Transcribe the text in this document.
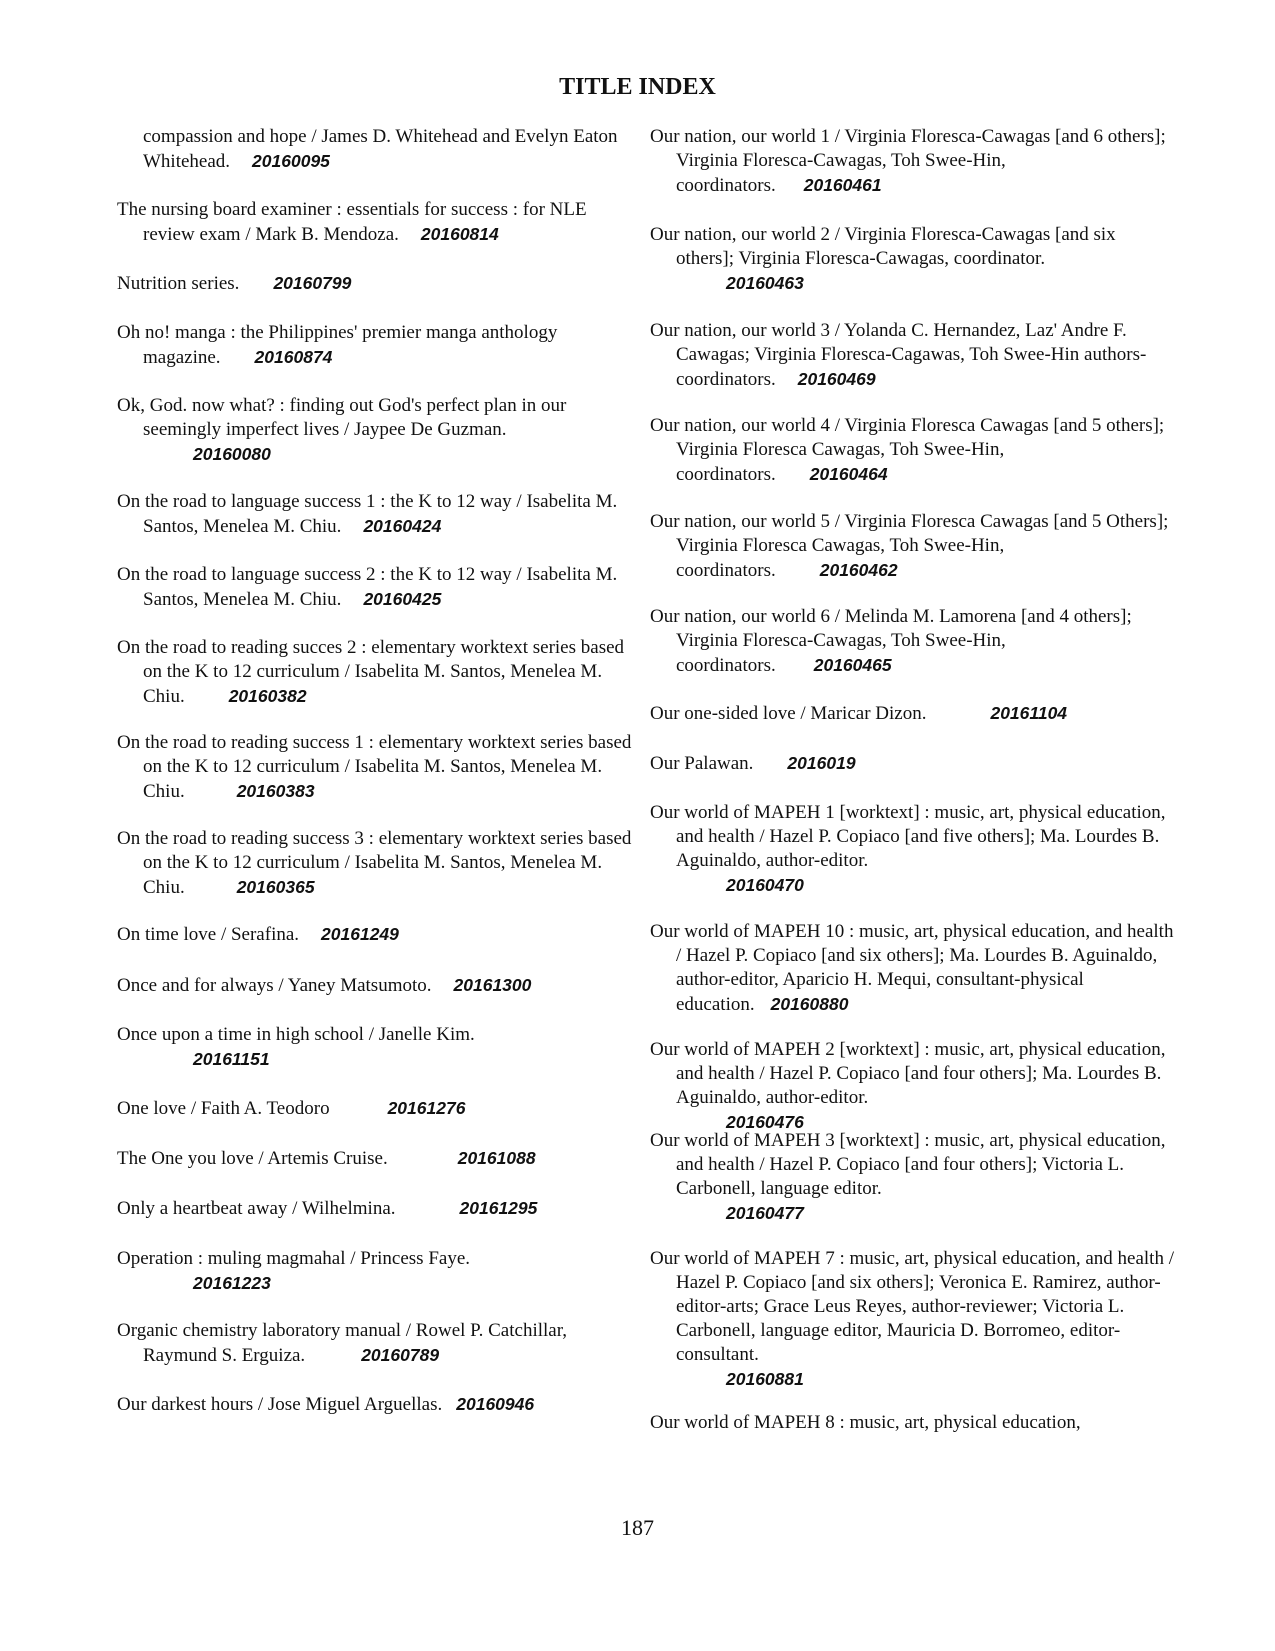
TITLE INDEX
compassion and hope / James D. Whitehead and Evelyn Eaton Whitehead. 20160095
The nursing board examiner : essentials for success : for NLE review exam / Mark B. Mendoza. 20160814
Nutrition series. 20160799
Oh no! manga : the Philippines' premier manga anthology magazine. 20160874
Ok, God. now what? : finding out God's perfect plan in our seemingly imperfect lives / Jaypee De Guzman.
20160080
On the road to language success 1 : the K to 12 way / Isabelita M. Santos, Menelea M. Chiu. 20160424
On the road to language success 2 : the K to 12 way / Isabelita M. Santos, Menelea M. Chiu. 20160425
On the road to reading succes 2 : elementary worktext series based on the K to 12 curriculum / Isabelita M. Santos, Menelea M. Chiu.	20160382
On the road to reading success 1 : elementary worktext series based on the K to 12 curriculum / Isabelita M. Santos, Menelea M. Chiu.	20160383
On the road to reading success 3 : elementary worktext series based on the K to 12 curriculum / Isabelita M. Santos, Menelea M. Chiu.	20160365
On time love / Serafina. 20161249
Once and for always / Yaney Matsumoto. 20161300
Once upon a time in high school / Janelle Kim.
20161151
One love / Faith A. Teodoro	20161276
The One you love / Artemis Cruise.	20161088
Only a heartbeat away / Wilhelmina.	20161295
Operation : muling magmahal / Princess Faye.
20161223
Organic chemistry laboratory manual / Rowel P. Catchillar, Raymund S. Erguiza.	20160789
Our darkest hours / Jose Miguel Arguellas. 20160946
Our nation, our world 1 / Virginia Floresca-Cawagas [and 6 others]; Virginia Floresca-Cawagas, Toh Swee-Hin, coordinators. 20160461
Our nation, our world 2 / Virginia Floresca-Cawagas [and six others]; Virginia Floresca-Cawagas, coordinator.
20160463
Our nation, our world 3 / Yolanda C. Hernandez, Laz' Andre F. Cawagas; Virginia Floresca-Cagawas, Toh Swee-Hin authors-coordinators. 20160469
Our nation, our world 4 / Virginia Floresca Cawagas [and 5 others]; Virginia Floresca Cawagas, Toh Swee-Hin, coordinators. 20160464
Our nation, our world 5 / Virginia Floresca Cawagas [and 5 Others]; Virginia Floresca Cawagas, Toh Swee-Hin, coordinators.	20160462
Our nation, our world 6 / Melinda M. Lamorena [and 4 others]; Virginia Floresca-Cawagas, Toh Swee-Hin, coordinators. 20160465
Our one-sided love / Maricar Dizon.	20161104
Our Palawan. 2016019
Our world of MAPEH 1 [worktext] : music, art, physical education, and health / Hazel P. Copiaco [and five others]; Ma. Lourdes B. Aguinaldo, author-editor.
20160470
Our world of MAPEH 10 : music, art, physical education, and health / Hazel P. Copiaco [and six others]; Ma. Lourdes B. Aguinaldo, author-editor, Aparicio H. Mequi, consultant-physical education. 20160880
Our world of MAPEH 2 [worktext] : music, art, physical education, and health / Hazel P. Copiaco [and four others]; Ma. Lourdes B. Aguinaldo, author-editor.
20160476
Our world of MAPEH 3 [worktext] : music, art, physical education, and health / Hazel P. Copiaco [and four others]; Victoria L. Carbonell, language editor.
20160477
Our world of MAPEH 7 : music, art, physical education, and health / Hazel P. Copiaco [and six others]; Veronica E. Ramirez, author-editor-arts; Grace Leus Reyes, author-reviewer; Victoria L. Carbonell, language editor, Mauricia D. Borromeo, editor-consultant.
20160881
Our world of MAPEH 8 : music, art, physical education,
187
